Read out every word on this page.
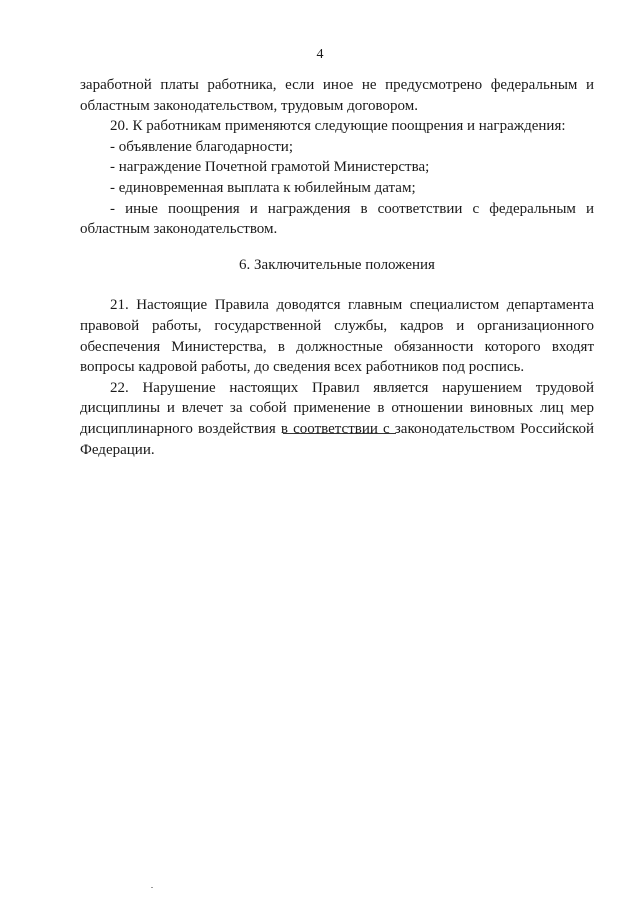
4

заработной платы работника, если иное не предусмотрено федеральным и областным законодательством, трудовым договором.

20. К работникам применяются следующие поощрения и награждения:

- объявление благодарности;

- награждение Почетной грамотой Министерства;

- единовременная выплата к юбилейным датам;

- иные поощрения и награждения в соответствии с федеральным и областным законодательством.

6. Заключительные положения

21. Настоящие Правила доводятся главным специалистом департамента правовой работы, государственной службы, кадров и организационного обеспечения Министерства, в должностные обязанности которого входят вопросы кадровой работы, до сведения всех работников под роспись.

22. Нарушение настоящих Правил является нарушением трудовой дисциплины и влечет за собой применение в отношении виновных лиц мер дисциплинарного воздействия в соответствии с законодательством Российской Федерации.
